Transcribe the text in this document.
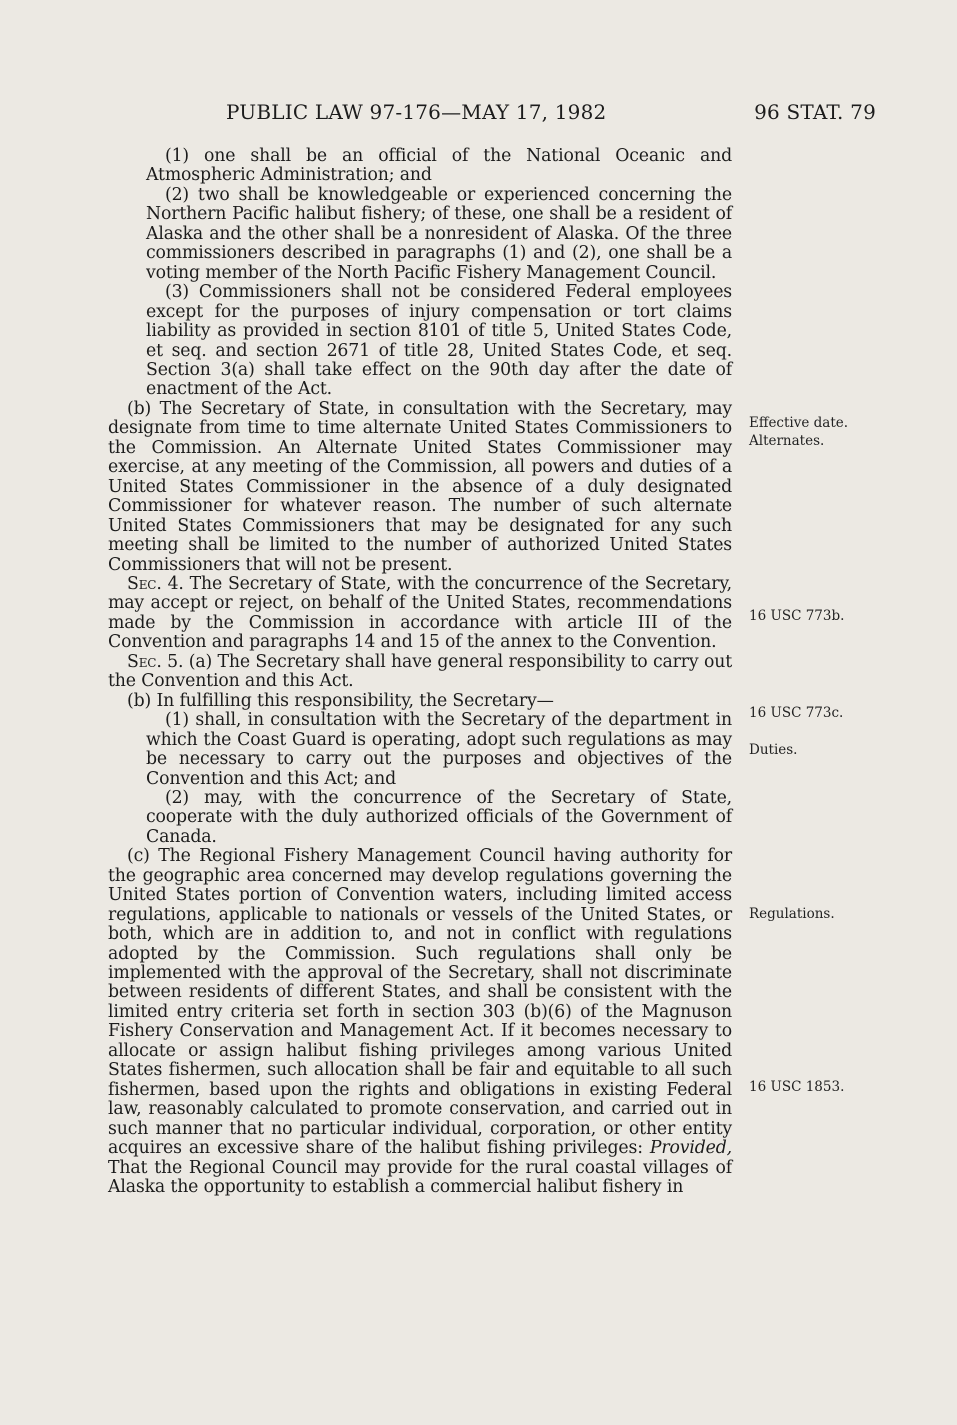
PUBLIC LAW 97-176—MAY 17, 1982	96 STAT. 79

(1) one shall be an official of the National Oceanic and Atmospheric Administration; and

(2) two shall be knowledgeable or experienced concerning the Northern Pacific halibut fishery; of these, one shall be a resident of Alaska and the other shall be a nonresident of Alaska. Of the three commissioners described in paragraphs (1) and (2), one shall be a voting member of the North Pacific Fishery Management Council.

(3) Commissioners shall not be considered Federal employees except for the purposes of injury compensation or tort claims liability as provided in section 8101 of title 5, United States Code, et seq. and section 2671 of title 28, United States Code, et seq. Section 3(a) shall take effect on the 90th day after the date of enactment of the Act.

(b) The Secretary of State, in consultation with the Secretary, may designate from time to time alternate United States Commissioners to the Commission. An Alternate United States Commissioner may exercise, at any meeting of the Commission, all powers and duties of a United States Commissioner in the absence of a duly designated Commissioner for whatever reason. The number of such alternate United States Commissioners that may be designated for any such meeting shall be limited to the number of authorized United States Commissioners that will not be present.

Sec. 4. The Secretary of State, with the concurrence of the Secretary, may accept or reject, on behalf of the United States, recommendations made by the Commission in accordance with article III of the Convention and paragraphs 14 and 15 of the annex to the Convention.

Sec. 5. (a) The Secretary shall have general responsibility to carry out the Convention and this Act.

(b) In fulfilling this responsibility, the Secretary—

(1) shall, in consultation with the Secretary of the department in which the Coast Guard is operating, adopt such regulations as may be necessary to carry out the purposes and objectives of the Convention and this Act; and

(2) may, with the concurrence of the Secretary of State, cooperate with the duly authorized officials of the Government of Canada.

(c) The Regional Fishery Management Council having authority for the geographic area concerned may develop regulations governing the United States portion of Convention waters, including limited access regulations, applicable to nationals or vessels of the United States, or both, which are in addition to, and not in conflict with regulations adopted by the Commission. Such regulations shall only be implemented with the approval of the Secretary, shall not discriminate between residents of different States, and shall be consistent with the limited entry criteria set forth in section 303 (b)(6) of the Magnuson Fishery Conservation and Management Act. If it becomes necessary to allocate or assign halibut fishing privileges among various United States fishermen, such allocation shall be fair and equitable to all such fishermen, based upon the rights and obligations in existing Federal law, reasonably calculated to promote conservation, and carried out in such manner that no particular individual, corporation, or other entity acquires an excessive share of the halibut fishing privileges: Provided, That the Regional Council may provide for the rural coastal villages of Alaska the opportunity to establish a commercial halibut fishery in

Effective date.
Alternates.
16 USC 773b.
16 USC 773c.
Duties.
Regulations.
16 USC 1853.
